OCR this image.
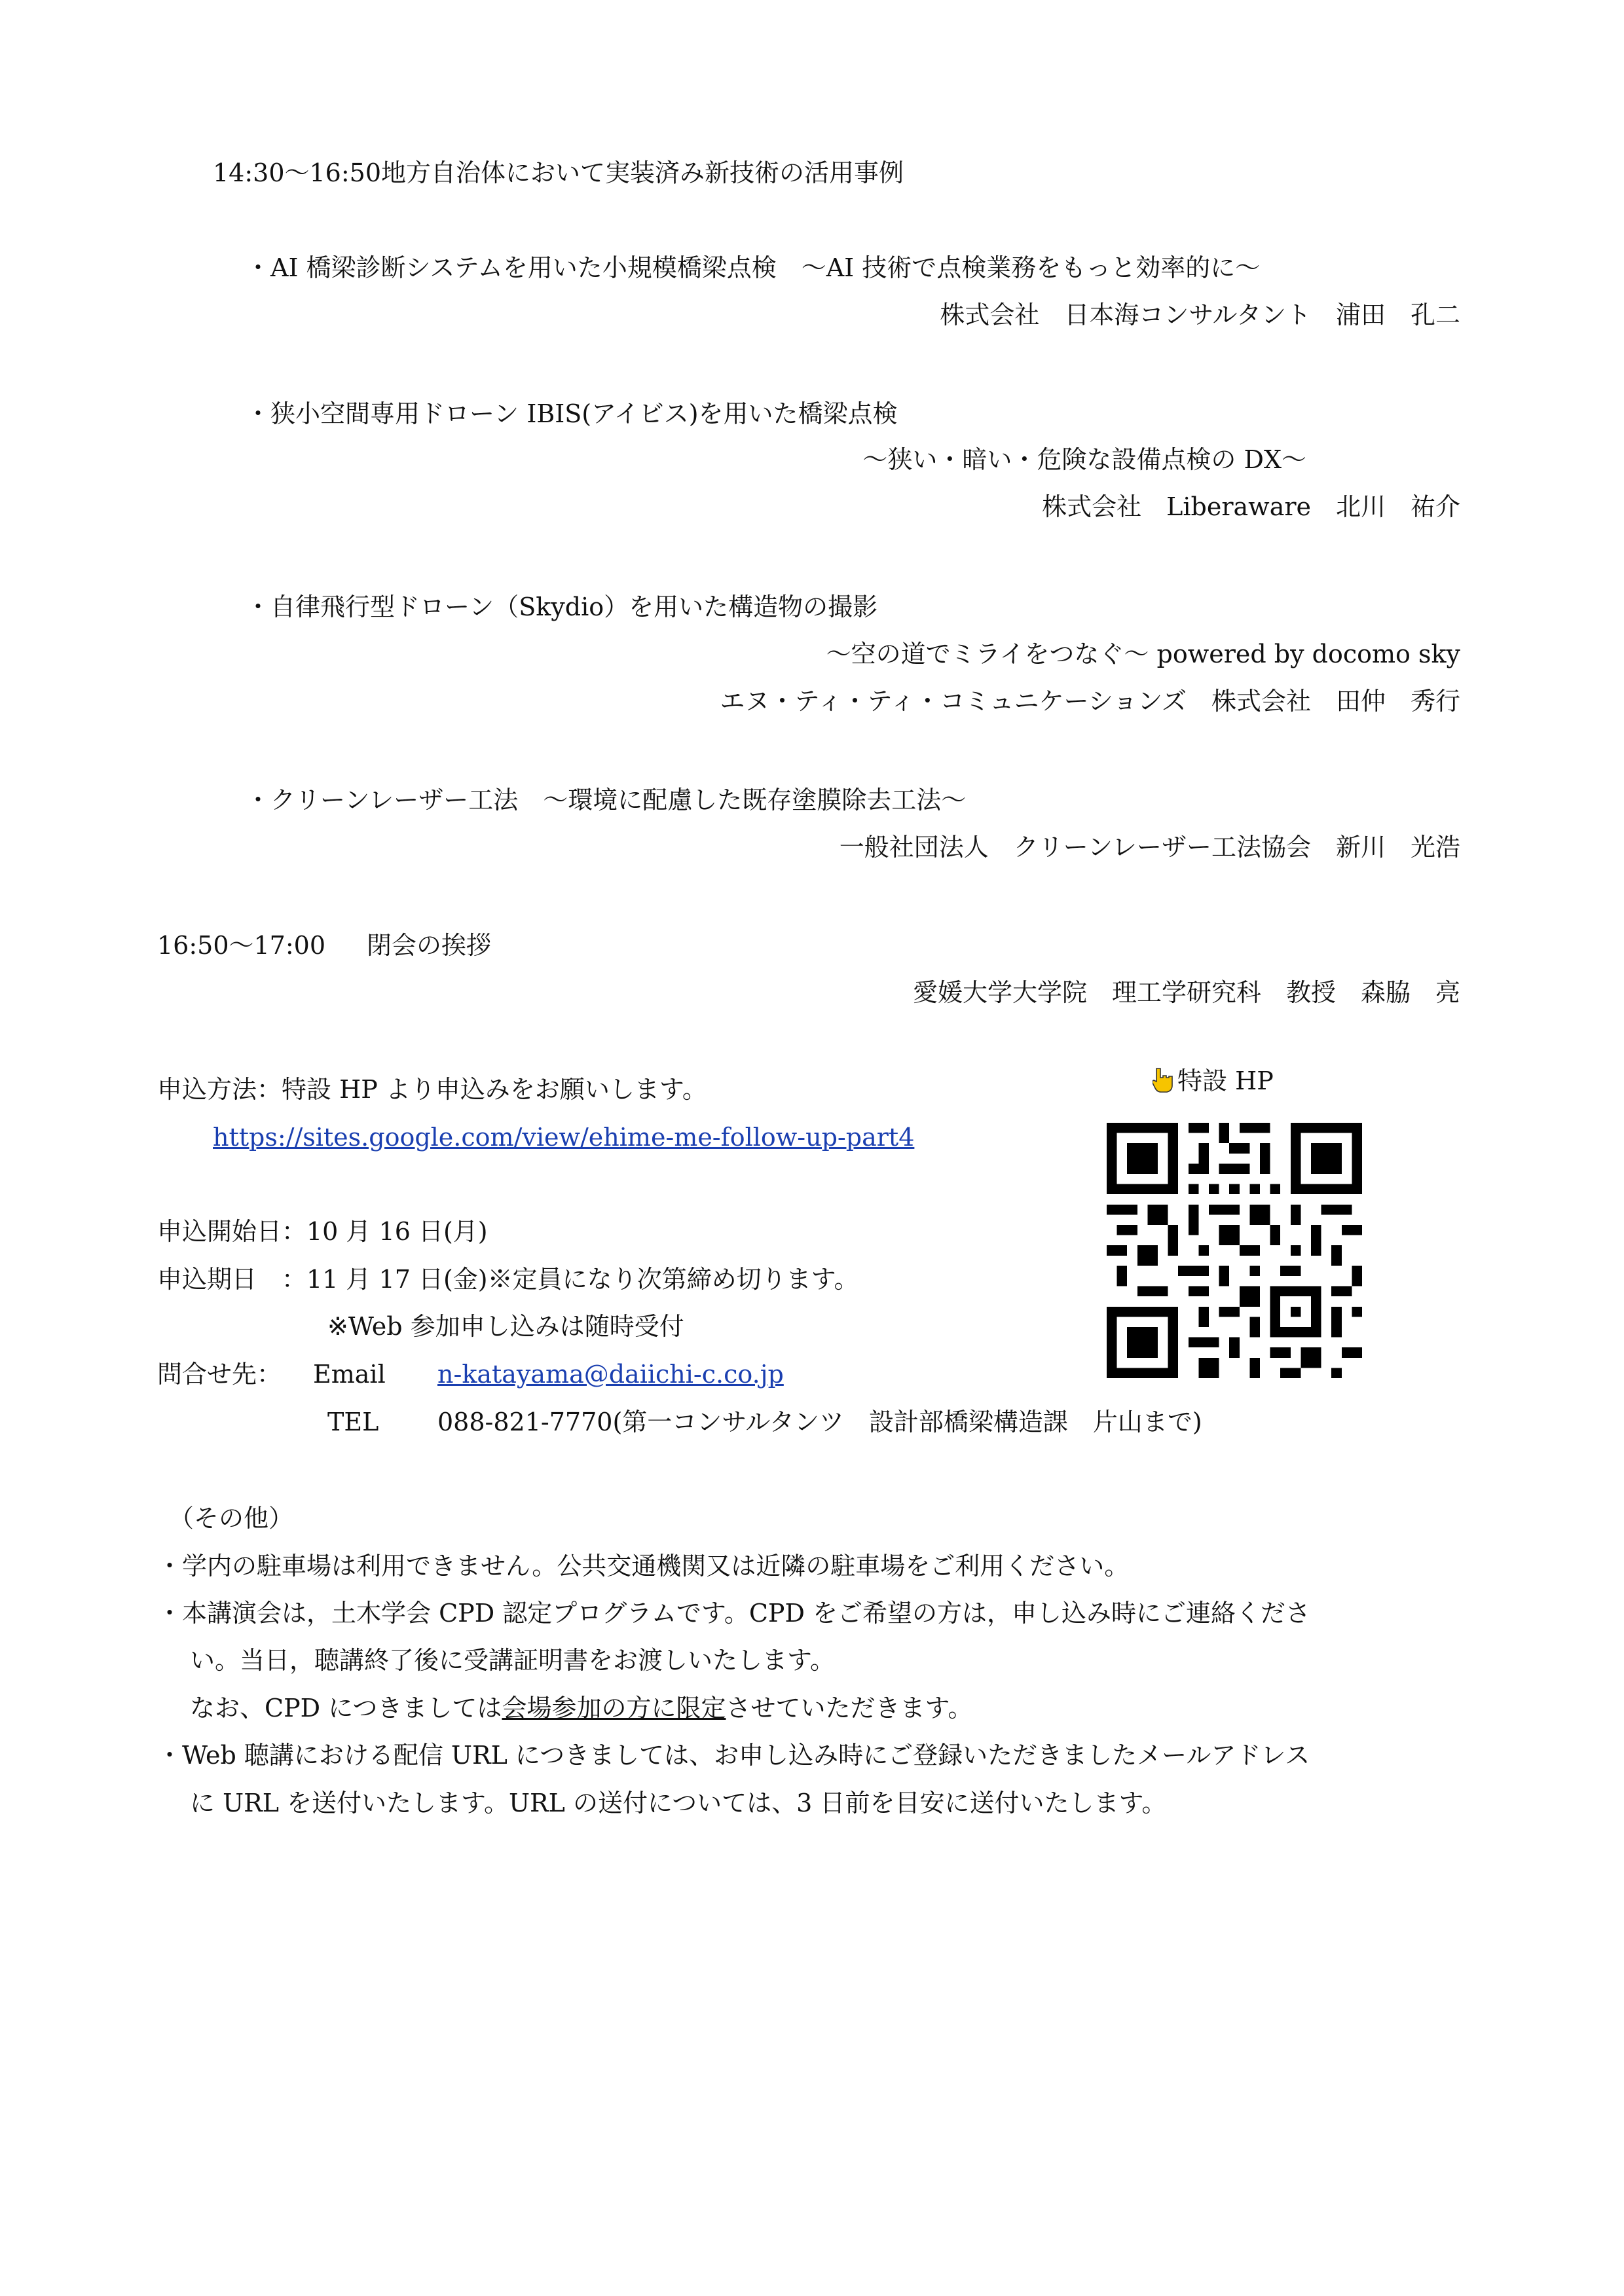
14:30～16:50地方自治体において実装済み新技術の活用事例
・AI 橋梁診断システムを用いた小規模橋梁点検　～AI 技術で点検業務をもっと効率的に～
株式会社　日本海コンサルタント　浦田　孔二
・狭小空間専用ドローン IBIS(アイビス)を用いた橋梁点検
～狭い・暗い・危険な設備点検の DX～
株式会社　Liberaware　北川　祐介
・自律飛行型ドローン（Skydio）を用いた構造物の撮影
～空の道でミライをつなぐ～ powered by docomo sky
エヌ・ティ・ティ・コミュニケーションズ　株式会社　田仲　秀行
・クリーンレーザー工法　～環境に配慮した既存塗膜除去工法～
一般社団法人　クリーンレーザー工法協会　新川　光浩
16:50～17:00 閉会の挨拶
愛媛大学大学院　理工学研究科　教授　森脇　亮
申込方法：特設 HP より申込みをお願いします。
https://sites.google.com/view/ehime-me-follow-up-part4
特設 HP
申込開始日：10 月 16 日(月)
申込期日　：11 月 17 日(金)※定員になり次第締め切ります。
※Web 参加申し込みは随時受付
問合せ先： Email n-katayama@daiichi-c.co.jp
TEL 088-821-7770(第一コンサルタンツ　設計部橋梁構造課　片山まで)
（その他）
・学内の駐車場は利用できません。公共交通機関又は近隣の駐車場をご利用ください。
・本講演会は，土木学会 CPD 認定プログラムです。CPD をご希望の方は，申し込み時にご連絡くださ
い。当日，聴講終了後に受講証明書をお渡しいたします。
なお、CPD につきましては会場参加の方に限定させていただきます。
・Web 聴講における配信 URL につきましては、お申し込み時にご登録いただきましたメールアドレス
に URL を送付いたします。URL の送付については、3 日前を目安に送付いたします。
